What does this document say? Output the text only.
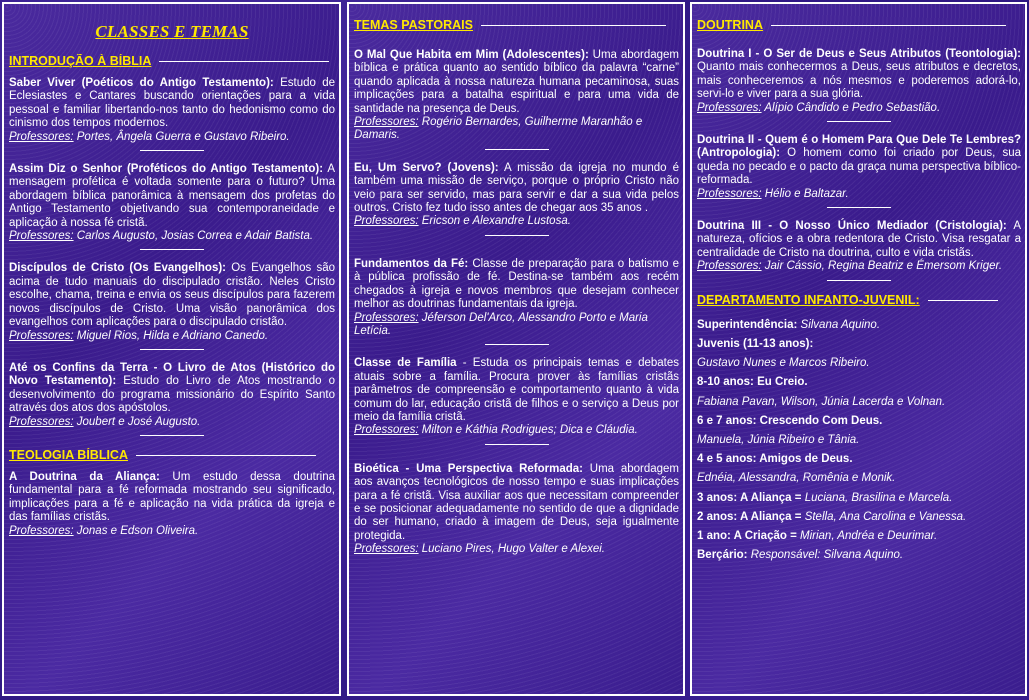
CLASSES E TEMAS
INTRODUÇÃO À BÍBLIA

Saber Viver (Poéticos do Antigo Testamento): Estudo de Eclesiastes e Cantares buscando orientações para a vida pessoal e familiar libertando-nos tanto do hedonismo como do cinismo dos tempos modernos.

Professores: Portes, Ângela Guerra e Gustavo Ribeiro.

Assim Diz o Senhor (Proféticos do Antigo Testamento): A mensagem profética é voltada somente para o futuro? Uma abordagem bíblica panorâmica à mensagem dos profetas do Antigo Testamento objetivando sua contemporaneidade e aplicação à nossa fé cristã.

Professores: Carlos Augusto, Josias Correa e Adair Batista.

Discípulos de Cristo (Os Evangelhos): Os Evangelhos são acima de tudo manuais do discipulado cristão. Neles Cristo escolhe, chama, treina e envia os seus discípulos para fazerem novos discípulos de Cristo. Uma visão panorâmica dos evangelhos com aplicações para o discipulado cristão.

Professores: Miguel Rios, Hilda e Adriano Canedo.

Até os Confins da Terra - O Livro de Atos (Histórico do Novo Testamento): Estudo do Livro de Atos mostrando o desenvolvimento do programa missionário do Espírito Santo através dos atos dos apóstolos.

Professores: Joubert e José Augusto.

TEOLOGIA BÍBLICA

A Doutrina da Aliança: Um estudo dessa doutrina fundamental para a fé reformada mostrando seu significado, implicações para a fé e aplicação na vida prática da igreja e das famílias cristãs.

Professores: Jonas e Edson Oliveira.

TEMAS PASTORAIS

O Mal Que Habita em Mim (Adolescentes): Uma abordagem bíblica e prática quanto ao sentido bíblico da palavra “carne” quando aplicada à nossa natureza humana pecaminosa, suas implicações para a batalha espiritual e para uma vida de santidade na presença de Deus.

Professores: Rogério Bernardes, Guilherme Maranhão e Damaris.

Eu, Um Servo? (Jovens): A missão da igreja no mundo é também uma missão de serviço, porque o próprio Cristo não veio para ser servido, mas para servir e dar a sua vida pelos outros. Cristo fez tudo isso antes de chegar aos 35 anos .

Professores: Ericson e Alexandre Lustosa.

Fundamentos da Fé: Classe de preparação para o batismo e à pública profissão de fé. Destina-se também aos recém chegados à igreja e novos membros que desejam conhecer melhor as doutrinas fundamentais da igreja.

Professores: Jéferson Del'Arco, Alessandro Porto e Maria Letícia.

Classe de Família - Estuda os principais temas e debates atuais sobre a família. Procura prover às famílias cristãs parâmetros de compreensão e comportamento quanto à vida comum do lar, educação cristã de filhos e o serviço a Deus por meio da família cristã.

Professores: Milton e Káthia Rodrigues; Dica e Cláudia.

Bioética - Uma Perspectiva Reformada: Uma abordagem aos avanços tecnológicos de nosso tempo e suas implicações para a fé cristã. Visa auxiliar aos que necessitam compreender e se posicionar adequadamente no sentido de que a dignidade do ser humano, criado à imagem de Deus, seja igualmente protegida.

Professores: Luciano Pires, Hugo Valter e Alexei.

DOUTRINA

Doutrina I - O Ser de Deus e Seus Atributos (Teontologia): Quanto mais conhecermos a Deus, seus atributos e decretos, mais conheceremos a nós mesmos e poderemos adorá-lo, servi-lo e viver para a sua glória.

Professores: Alípio Cândido e Pedro Sebastião.

Doutrina II - Quem é o Homem Para Que Dele Te Lembres? (Antropologia): O homem como foi criado por Deus, sua queda no pecado e o pacto da graça numa perspectiva bíblico-reformada.

Professores: Hélio e Baltazar.

Doutrina III - O Nosso Único Mediador (Cristologia): A natureza, ofícios e a obra redentora de Cristo. Visa resgatar a centralidade de Cristo na doutrina, culto e vida cristãs.

Professores: Jair Cássio, Regina Beatriz e Émersom Kriger.

DEPARTAMENTO INFANTO-JUVENIL:

Superintendência: Silvana Aquino.

Juvenis (11-13 anos):

Gustavo Nunes e Marcos Ribeiro.

8-10 anos: Eu Creio.

Fabiana Pavan, Wilson, Júnia Lacerda e Volnan.

6 e 7 anos: Crescendo Com Deus.

Manuela, Júnia Ribeiro e Tânia.

4 e 5 anos: Amigos de Deus.

Ednéia, Alessandra, Romênia e Monik.

3 anos: A Aliança = Luciana, Brasilina e Marcela.

2 anos: A Aliança = Stella, Ana Carolina e Vanessa.

1 ano: A Criação = Mirian, Andréa e Deurimar.

Berçário: Responsável: Silvana Aquino.
